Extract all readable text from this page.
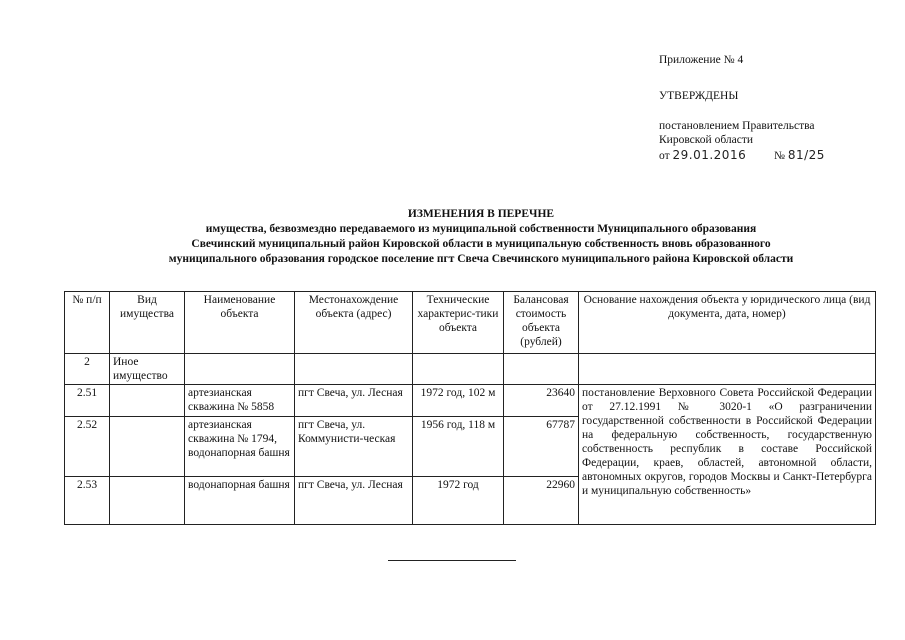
Приложение № 4
УТВЕРЖДЕНЫ
постановлением Правительства
Кировской области
от 29.01.2016 № 81/25
ИЗМЕНЕНИЯ В ПЕРЕЧНЕ
имущества, безвозмездно передаваемого из муниципальной собственности Муниципального образования
Свечинский муниципальный район Кировской области в муниципальную собственность вновь образованного
муниципального образования городское поселение пгт Свеча Свечинского муниципального района Кировской области
№ п/п	Вид имущества	Наименование объекта	Местонахождение объекта (адрес)	Технические характерис-тики объекта	Балансовая стоимость объекта (рублей)	Основание нахождения объекта у юридического лица (вид документа, дата, номер)
2	Иное имущество					
2.51		артезианская скважина № 5858	пгт Свеча, ул. Лесная	1972 год, 102 м	23640	постановление Верховного Совета Российской Федерации от 27.12.1991 № 3020-1 «О разграничении государственной собственности в Российской Федерации на федеральную собственность, государственную собственность республик в составе Российской Федерации, краев, областей, автономной области, автономных округов, городов Москвы и Санкт-Петербурга и муниципальную собственность»
2.52		артезианская скважина № 1794, водонапорная башня	пгт Свеча, ул. Коммунисти-ческая	1956 год, 118 м	67787	
2.53		водонапорная башня	пгт Свеча, ул. Лесная	1972 год	22960	
